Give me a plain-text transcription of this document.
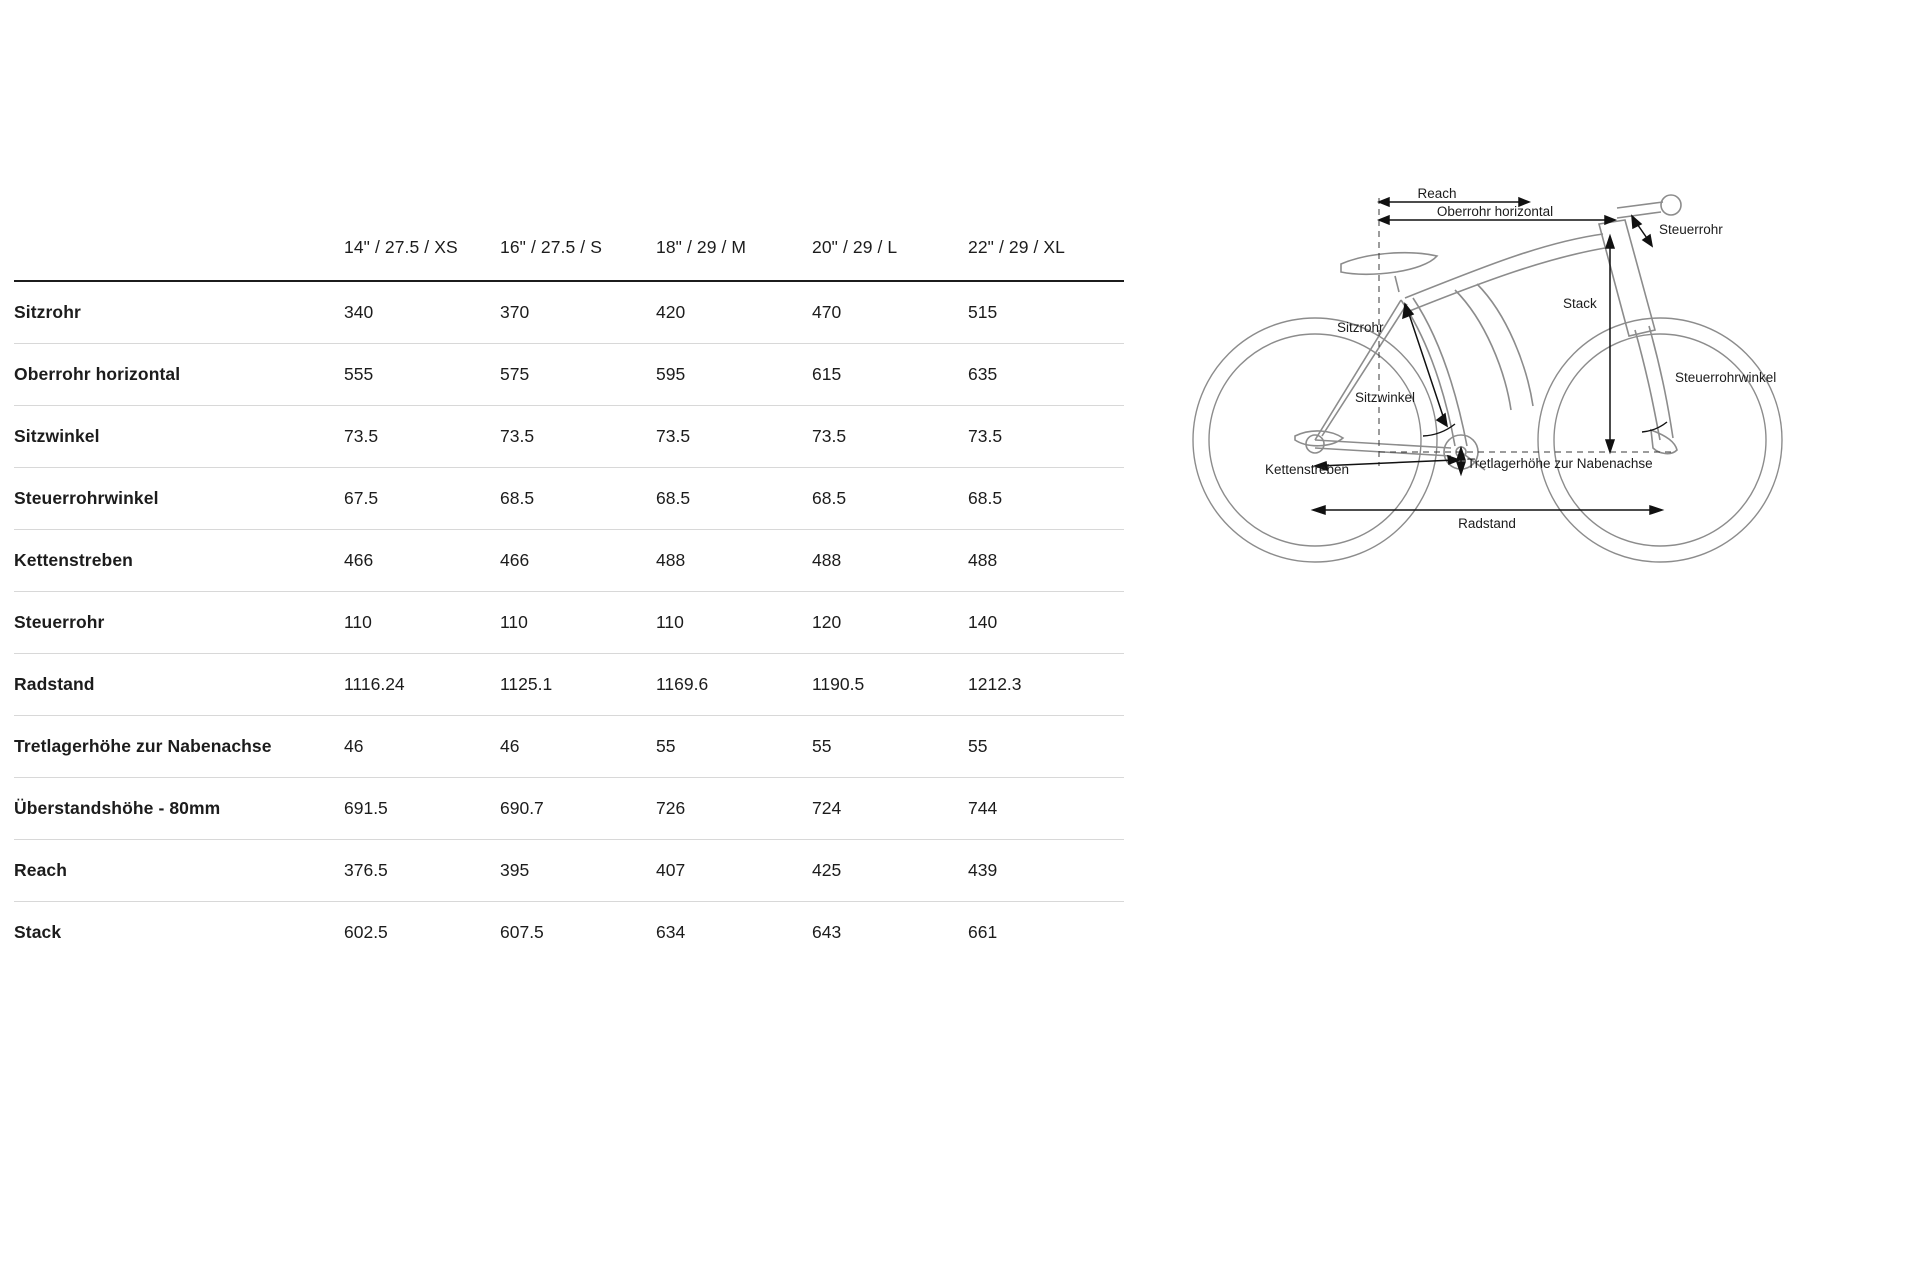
	14" / 27.5 / XS	16" / 27.5 / S	18" / 29 / M	20" / 29 / L	22" / 29 / XL
Sitzrohr	340	370	420	470	515
Oberrohr horizontal	555	575	595	615	635
Sitzwinkel	73.5	73.5	73.5	73.5	73.5
Steuerrohrwinkel	67.5	68.5	68.5	68.5	68.5
Kettenstreben	466	466	488	488	488
Steuerrohr	110	110	110	120	140
Radstand	1116.24	1125.1	1169.6	1190.5	1212.3
Tretlagerhöhe zur Nabenachse	46	46	55	55	55
Überstandshöhe - 80mm	691.5	690.7	726	724	744
Reach	376.5	395	407	425	439
Stack	602.5	607.5	634	643	661
Reach
Oberrohr horizontal
Steuerrohr
Stack
Sitzrohr
Steuerrohrwinkel
Sitzwinkel
Tretlagerhöhe zur Nabenachse
Kettenstreben
Radstand
